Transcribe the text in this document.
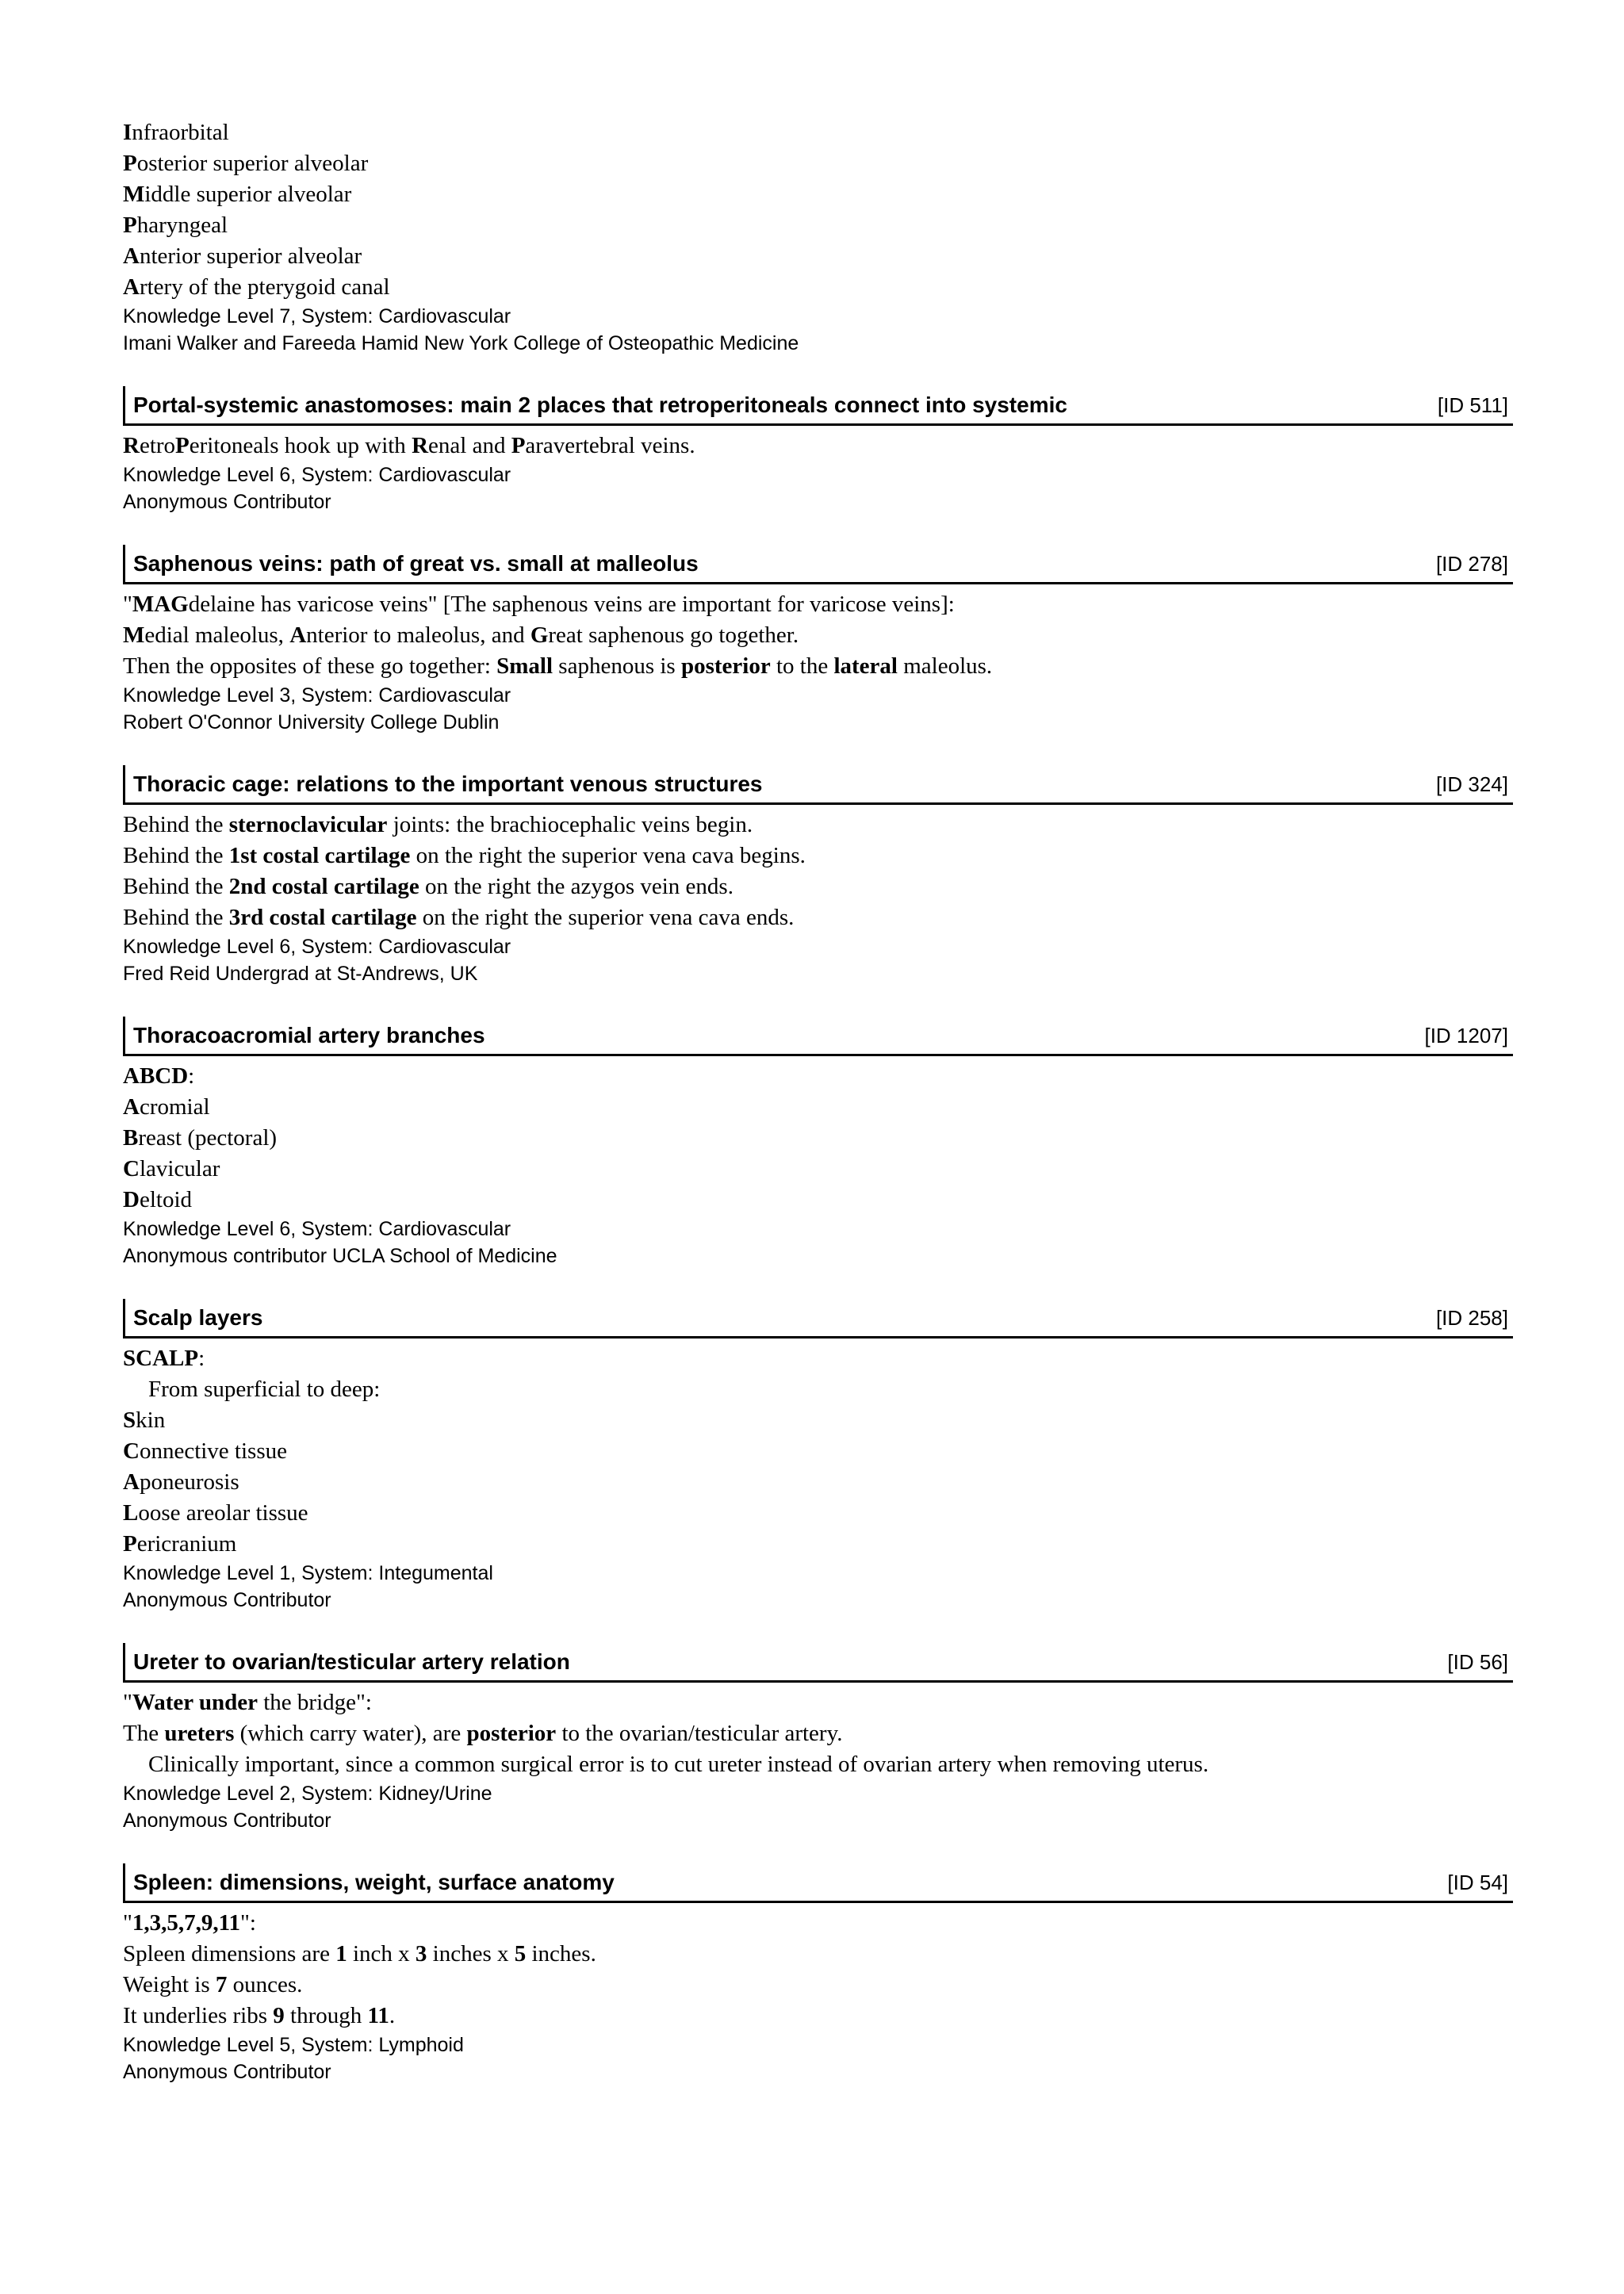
Infraorbital
Posterior superior alveolar
Middle superior alveolar
Pharyngeal
Anterior superior alveolar
Artery of the pterygoid canal
Knowledge Level 7, System: Cardiovascular
Imani Walker and Fareeda Hamid New York College of Osteopathic Medicine
Portal-systemic anastomoses: main 2 places that retroperitoneals connect into systemic	[ID 511]
RetroPeritoneals hook up with Renal and Paravertebral veins.
Knowledge Level 6, System: Cardiovascular
Anonymous Contributor
Saphenous veins: path of great vs. small at malleolus	[ID 278]
"MAGdelaine has varicose veins" [The saphenous veins are important for varicose veins]:
Medial maleolus, Anterior to maleolus, and Great saphenous go together.
Then the opposites of these go together: Small saphenous is posterior to the lateral maleolus.
Knowledge Level 3, System: Cardiovascular
Robert O'Connor University College Dublin
Thoracic cage: relations to the important venous structures	[ID 324]
Behind the sternoclavicular joints: the brachiocephalic veins begin.
Behind the 1st costal cartilage on the right the superior vena cava begins.
Behind the 2nd costal cartilage on the right the azygos vein ends.
Behind the 3rd costal cartilage on the right the superior vena cava ends.
Knowledge Level 6, System: Cardiovascular
Fred Reid Undergrad at St-Andrews, UK
Thoracoacromial artery branches	[ID 1207]
ABCD:
Acromial
Breast (pectoral)
Clavicular
Deltoid
Knowledge Level 6, System: Cardiovascular
Anonymous contributor UCLA School of Medicine
Scalp layers	[ID 258]
SCALP:
From superficial to deep:
Skin
Connective tissue
Aponeurosis
Loose areolar tissue
Pericranium
Knowledge Level 1, System: Integumental
Anonymous Contributor
Ureter to ovarian/testicular artery relation	[ID 56]
"Water under the bridge":
The ureters (which carry water), are posterior to the ovarian/testicular artery.
Clinically important, since a common surgical error is to cut ureter instead of ovarian artery when removing uterus.
Knowledge Level 2, System: Kidney/Urine
Anonymous Contributor
Spleen: dimensions, weight, surface anatomy	[ID 54]
"1,3,5,7,9,11":
Spleen dimensions are 1 inch x 3 inches x 5 inches.
Weight is 7 ounces.
It underlies ribs 9 through 11.
Knowledge Level 5, System: Lymphoid
Anonymous Contributor
